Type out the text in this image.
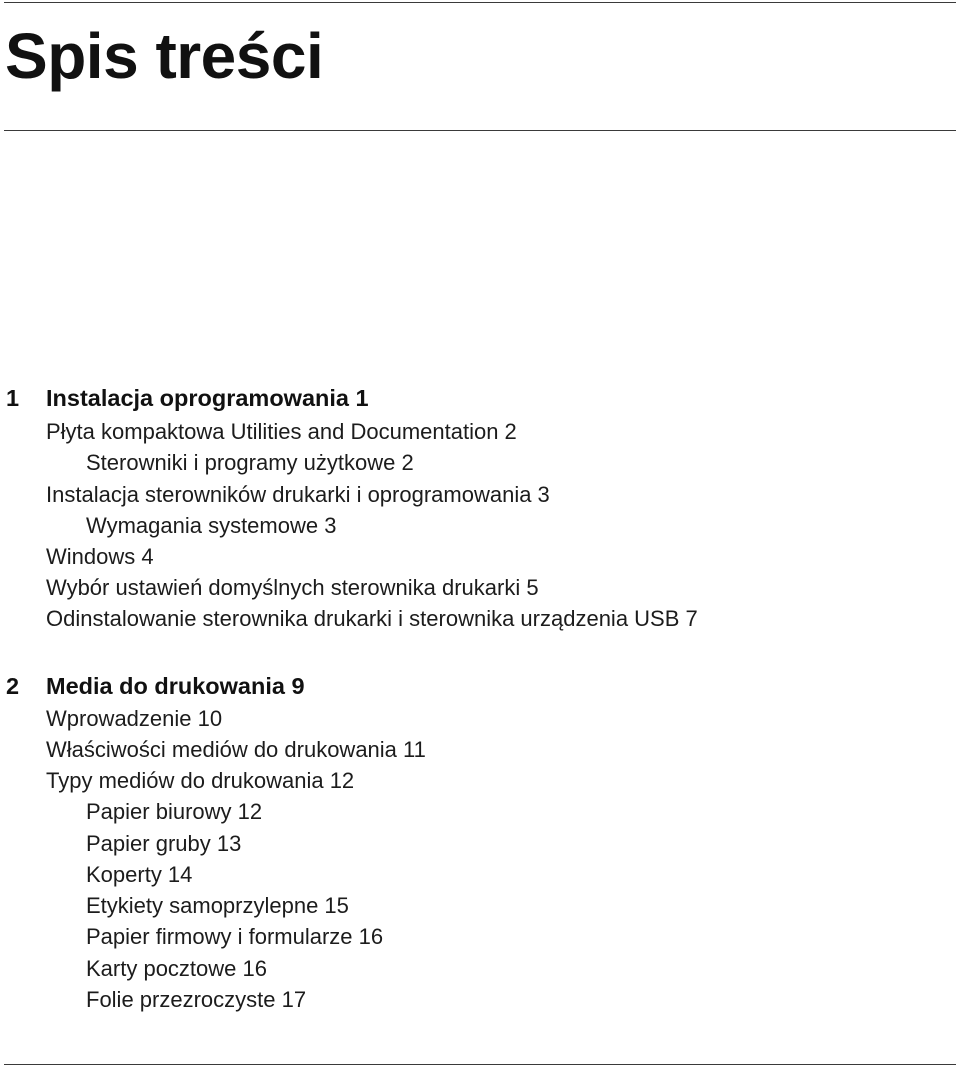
Spis treści
1 Instalacja oprogramowania 1
Płyta kompaktowa Utilities and Documentation 2
Sterowniki i programy użytkowe 2
Instalacja sterowników drukarki i oprogramowania 3
Wymagania systemowe 3
Windows 4
Wybór ustawień domyślnych sterownika drukarki 5
Odinstalowanie sterownika drukarki i sterownika urządzenia USB 7
2 Media do drukowania 9
Wprowadzenie 10
Właściwości mediów do drukowania 11
Typy mediów do drukowania 12
Papier biurowy 12
Papier gruby 13
Koperty 14
Etykiety samoprzylepne 15
Papier firmowy i formularze 16
Karty pocztowe 16
Folie przezroczyste 17
